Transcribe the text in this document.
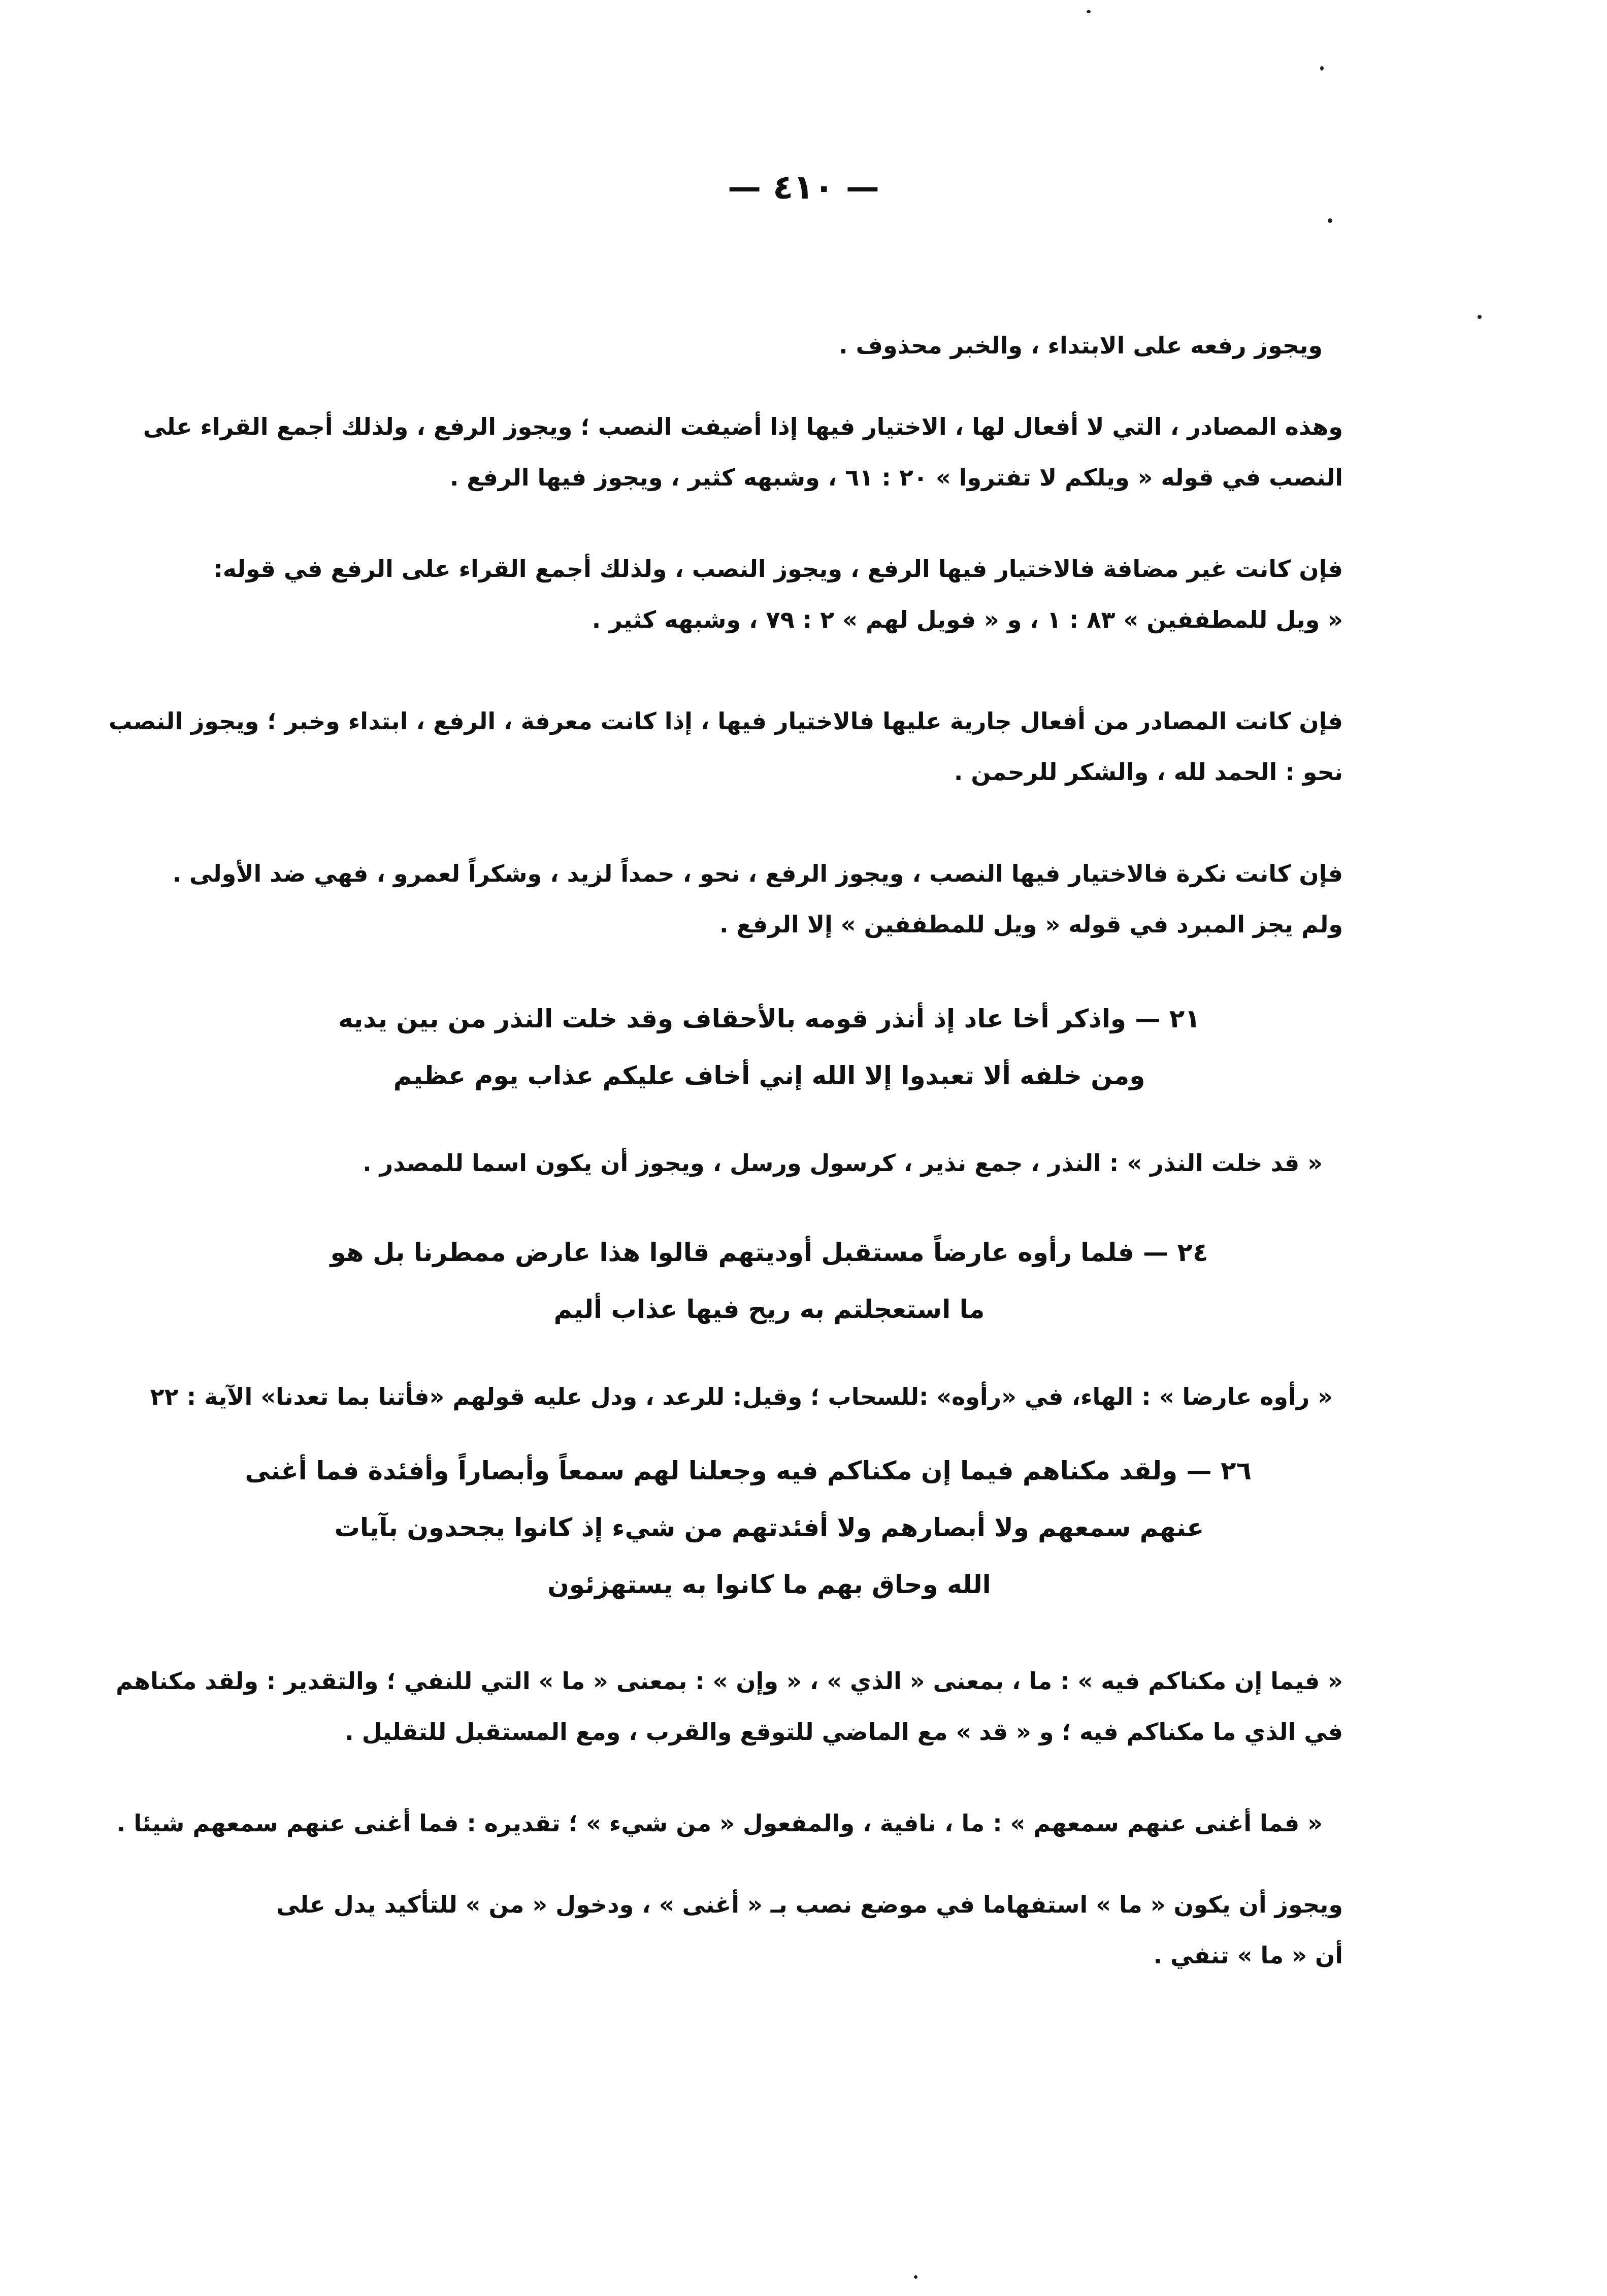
— ٤١٠ —
ويجوز رفعه على الابتداء ، والخبر محذوف .
وهذه المصادر ، التي لا أفعال لها ، الاختيار فيها إذا أضيفت النصب ؛ ويجوز الرفع ، ولذلك أجمع القراء على
النصب في قوله « ويلكم لا تفتروا » ٢٠ : ٦١ ، وشبهه كثير ، ويجوز فيها الرفع .
فإن كانت غير مضافة فالاختيار فيها الرفع ، ويجوز النصب ، ولذلك أجمع القراء على الرفع في قوله:
« ويل للمطففين » ٨٣ : ١ ، و « فويل لهم » ٢ : ٧٩ ، وشبهه كثير .
فإن كانت المصادر من أفعال جارية عليها فالاختيار فيها ، إذا كانت معرفة ، الرفع ، ابتداء وخبر ؛ ويجوز النصب
نحو : الحمد لله ، والشكر للرحمن .
فإن كانت نكرة فالاختيار فيها النصب ، ويجوز الرفع ، نحو ، حمداً لزيد ، وشكراً لعمرو ، فهي ضد الأولى .
ولم يجز المبرد في قوله « ويل للمطففين » إلا الرفع .
٢١ — واذكر أخا عاد إذ أنذر قومه بالأحقاف وقد خلت النذر من بين يديه
ومن خلفه ألا تعبدوا إلا الله إني أخاف عليكم عذاب يوم عظيم
« قد خلت النذر » : النذر ، جمع نذير ، كرسول ورسل ، ويجوز أن يكون اسما للمصدر .
٢٤ — فلما رأوه عارضاً مستقبل أوديتهم قالوا هذا عارض ممطرنا بل هو
ما استعجلتم به ريح فيها عذاب أليم
« رأوه عارضا » : الهاء، في «رأوه» :للسحاب ؛ وقيل: للرعد ، ودل عليه قولهم «فأتنا بما تعدنا» الآية : ٢٢
٢٦ — ولقد مكناهم فيما إن مكناكم فيه وجعلنا لهم سمعاً وأبصاراً وأفئدة فما أغنى
عنهم سمعهم ولا أبصارهم ولا أفئدتهم من شيء إذ كانوا يجحدون بآيات
الله وحاق بهم ما كانوا به يستهزئون
« فيما إن مكناكم فيه » : ما ، بمعنى « الذي » ، « وإن » : بمعنى « ما » التي للنفي ؛ والتقدير : ولقد مكناهم
في الذي ما مكناكم فيه ؛ و « قد » مع الماضي للتوقع والقرب ، ومع المستقبل للتقليل .
« فما أغنى عنهم سمعهم » : ما ، نافية ، والمفعول « من شيء » ؛ تقديره : فما أغنى عنهم سمعهم شيئا .
ويجوز أن يكون « ما » استفهاما في موضع نصب بـ « أغنى » ، ودخول « من » للتأكيد يدل على
أن « ما » تنفي .
